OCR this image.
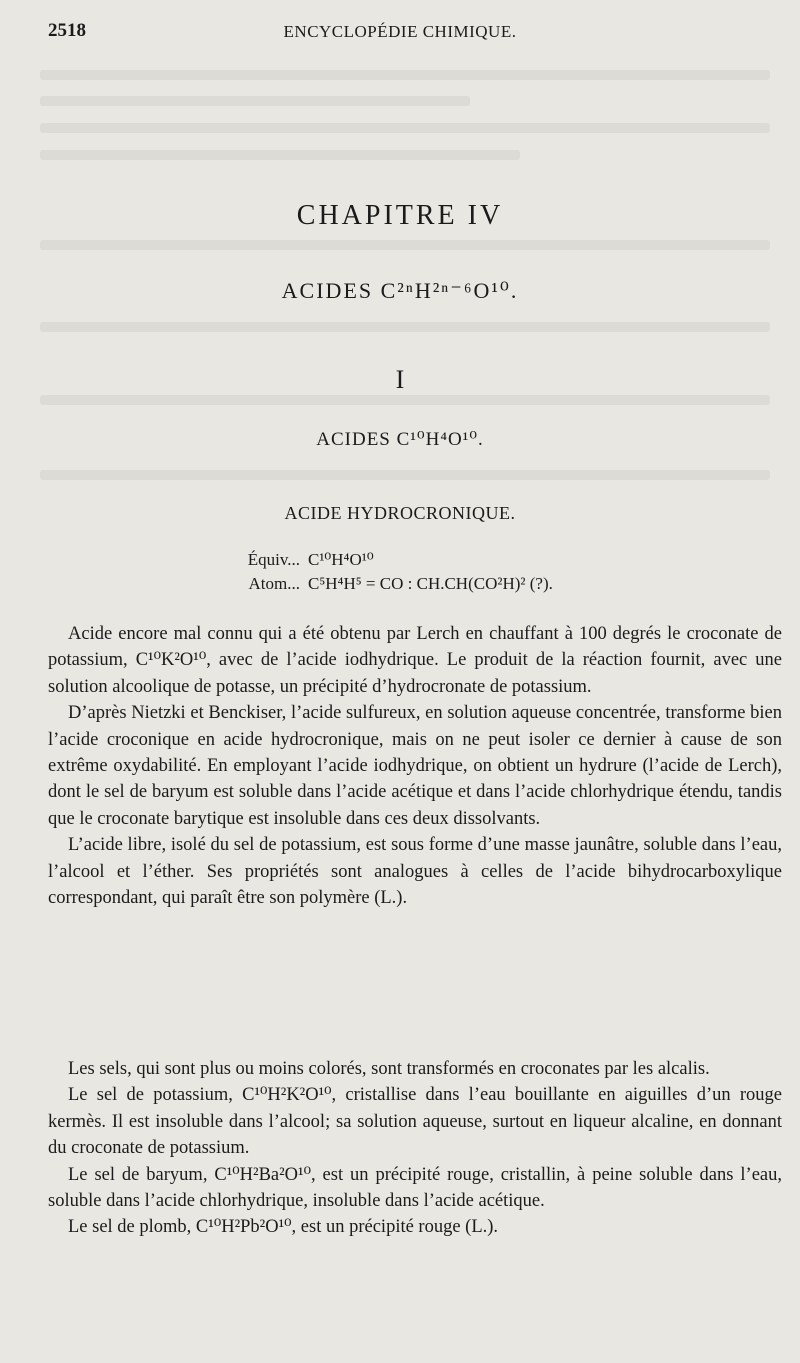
2518	ENCYCLOPÉDIE CHIMIQUE.
CHAPITRE IV
ACIDES C²ⁿH²ⁿ⁻⁶O¹⁰.
I
ACIDES C¹⁰H⁴O¹⁰.
ACIDE HYDROCRONIQUE.
Équiv... C¹⁰H⁴O¹⁰
Atom... C⁵H⁴H⁵ = CO : CH.CH(CO²H)² (?).

Acide encore mal connu qui a été obtenu par Lerch en chauffant à 100 degrés le croconate de potassium, C¹⁰K²O¹⁰, avec de l’acide iodhydrique. Le produit de la réaction fournit, avec une solution alcoolique de potasse, un précipité d’hydrocronate de potassium.

D’après Nietzki et Benckiser, l’acide sulfureux, en solution aqueuse concentrée, transforme bien l’acide croconique en acide hydrocronique, mais on ne peut isoler ce dernier à cause de son extrême oxydabilité. En employant l’acide iodhydrique, on obtient un hydrure (l’acide de Lerch), dont le sel de baryum est soluble dans l’acide acétique et dans l’acide chlorhydrique étendu, tandis que le croconate barytique est insoluble dans ces deux dissolvants.

L’acide libre, isolé du sel de potassium, est sous forme d’une masse jaunâtre, soluble dans l’eau, l’alcool et l’éther. Ses propriétés sont analogues à celles de l’acide bihydrocarboxylique correspondant, qui paraît être son polymère (L.).

Les sels, qui sont plus ou moins colorés, sont transformés en croconates par les alcalis.

Le sel de potassium, C¹⁰H²K²O¹⁰, cristallise dans l’eau bouillante en aiguilles d’un rouge kermès. Il est insoluble dans l’alcool; sa solution aqueuse, surtout en liqueur alcaline, en donnant du croconate de potassium.

Le sel de baryum, C¹⁰H²Ba²O¹⁰, est un précipité rouge, cristallin, à peine soluble dans l’eau, soluble dans l’acide chlorhydrique, insoluble dans l’acide acétique.

Le sel de plomb, C¹⁰H²Pb²O¹⁰, est un précipité rouge (L.).
